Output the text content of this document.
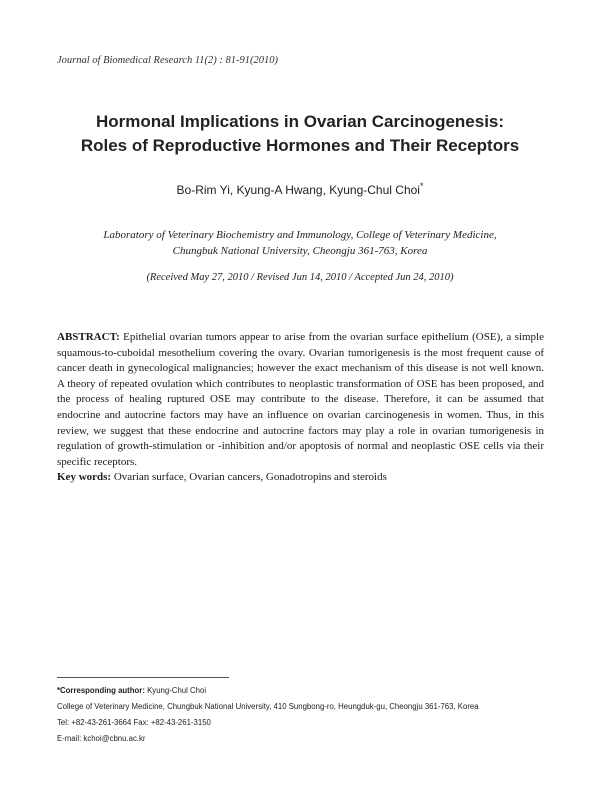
Journal of Biomedical Research 11(2) : 81-91(2010)
Hormonal Implications in Ovarian Carcinogenesis:
Roles of Reproductive Hormones and Their Receptors
Bo-Rim Yi, Kyung-A Hwang, Kyung-Chul Choi*
Laboratory of Veterinary Biochemistry and Immunology, College of Veterinary Medicine,
Chungbuk National University, Cheongju 361-763, Korea
(Received May 27, 2010 / Revised Jun 14, 2010 / Accepted Jun 24, 2010)

ABSTRACT: Epithelial ovarian tumors appear to arise from the ovarian surface epithelium (OSE), a simple squamous-to-cuboidal mesothelium covering the ovary. Ovarian tumorigenesis is the most frequent cause of cancer death in gynecological malignancies; however the exact mechanism of this disease is not well known. A theory of repeated ovulation which contributes to neoplastic transformation of OSE has been proposed, and the process of healing ruptured OSE may contribute to the disease. Therefore, it can be assumed that endocrine and autocrine factors may have an influence on ovarian carcinogenesis in women. Thus, in this review, we suggest that these endocrine and autocrine factors may play a role in ovarian tumorigenesis in regulation of growth-stimulation or -inhibition and/or apoptosis of normal and neoplastic OSE cells via their specific receptors.

Key words: Ovarian surface, Ovarian cancers, Gonadotropins and steroids

*Corresponding author: Kyung-Chul Choi
College of Veterinary Medicine, Chungbuk National University, 410 Sungbong-ro, Heungduk-gu, Cheongju 361-763, Korea
Tel: +82-43-261-3664 Fax: +82-43-261-3150
E-mail: kchoi@cbnu.ac.kr
